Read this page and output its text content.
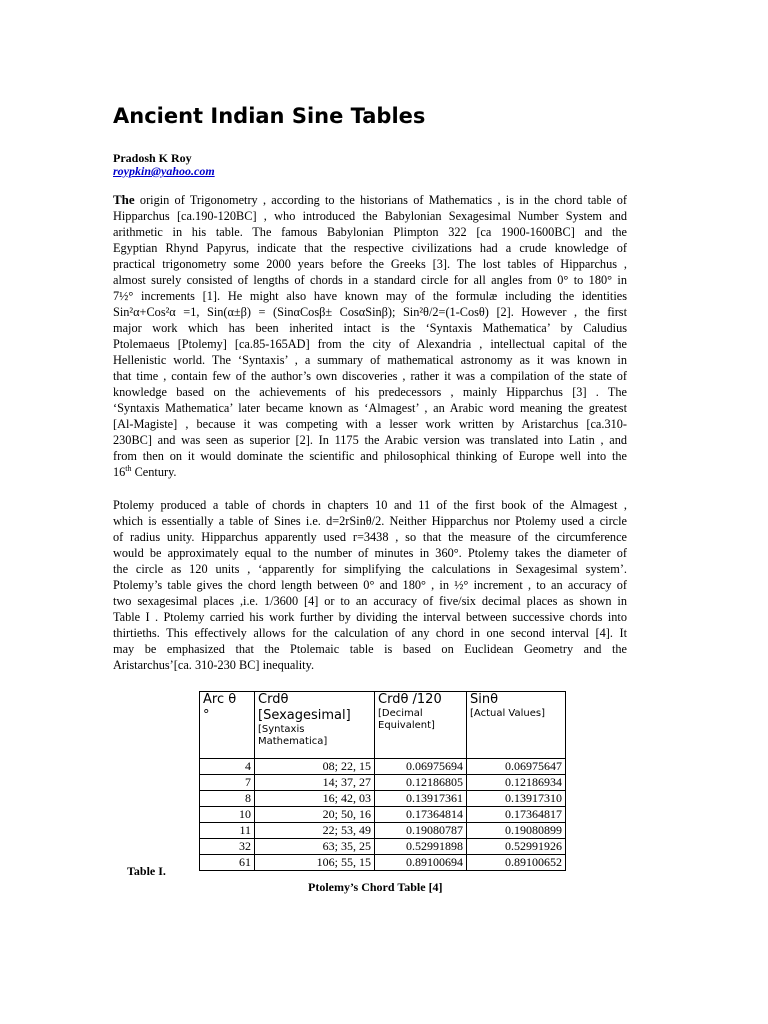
Ancient Indian Sine Tables
Pradosh K Roy
roypkin@yahoo.com
The origin of Trigonometry , according to the historians of Mathematics , is in the chord table of
Hipparchus [ca.190-120BC] , who introduced the Babylonian Sexagesimal Number System and
arithmetic in his table. The famous Babylonian Plimpton 322 [ca 1900-1600BC] and the
Egyptian Rhynd Papyrus, indicate that the respective civilizations had a crude knowledge of
practical trigonometry some 2000 years before the Greeks [3]. The lost tables of Hipparchus ,
almost surely consisted of lengths of chords in a standard circle for all angles from 0° to 180° in
7½° increments [1]. He might also have known may of the formulæ including the identities
Sin²α+Cos²α =1, Sin(α±β) = (SinαCosβ± CosαSinβ); Sin²θ/2=(1-Cosθ) [2]. However , the first
major work which has been inherited intact is the ‘Syntaxis Mathematica’ by Caludius
Ptolemaeus [Ptolemy] [ca.85-165AD] from the city of Alexandria , intellectual capital of the
Hellenistic world. The ‘Syntaxis’ , a summary of mathematical astronomy as it was known in
that time , contain few of the author’s own discoveries , rather it was a compilation of the state of
knowledge based on the achievements of his predecessors , mainly Hipparchus [3] . The
‘Syntaxis Mathematica’ later became known as ‘Almagest’ , an Arabic word meaning the greatest
[Al-Magiste] , because it was competing with a lesser work written by Aristarchus [ca.310-
230BC] and was seen as superior [2]. In 1175 the Arabic version was translated into Latin , and
from then on it would dominate the scientific and philosophical thinking of Europe well into the
16th Century.
Ptolemy produced a table of chords in chapters 10 and 11 of the first book of the Almagest ,
which is essentially a table of Sines i.e. d=2rSinθ/2. Neither Hipparchus nor Ptolemy used a circle
of radius unity. Hipparchus apparently used r=3438 , so that the measure of the circumference
would be approximately equal to the number of minutes in 360°. Ptolemy takes the diameter of
the circle as 120 units , ‘apparently for simplifying the calculations in Sexagesimal system’.
Ptolemy’s table gives the chord length between 0° and 180° , in ½° increment , to an accuracy of
two sexagesimal places ,i.e. 1/3600 [4] or to an accuracy of five/six decimal places as shown in
Table I . Ptolemy carried his work further by dividing the interval between successive chords into
thirtieths. This effectively allows for the calculation of any chord in one second interval [4]. It
may be emphasized that the Ptolemaic table is based on Euclidean Geometry and the
Aristarchus’[ca. 310-230 BC] inequality.
Arc θ
°	Crdθ
[Sexagesimal]
[Syntaxis Mathematica]	Crdθ /120
[Decimal Equivalent]	Sinθ
[Actual Values]

4	08; 22, 15	0.06975694	0.06975647
7	14; 37, 27	0.12186805	0.12186934
8	16; 42, 03	0.13917361	0.13917310
10	20; 50, 16	0.17364814	0.17364817
11	22; 53, 49	0.19080787	0.19080899
32	63; 35, 25	0.52991898	0.52991926
61	106; 55, 15	0.89100694	0.89100652
Table I.
Ptolemy’s Chord Table [4]
